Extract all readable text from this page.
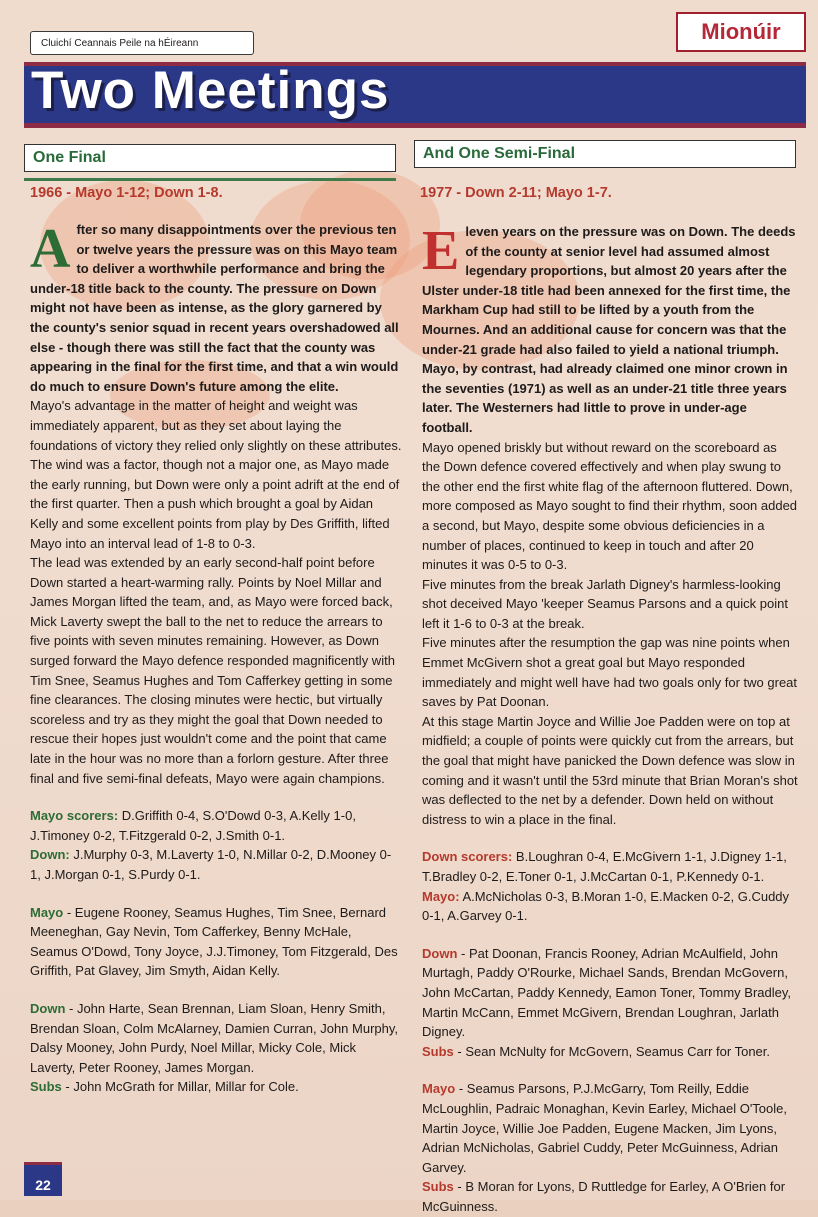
Cluichí Ceannais Peile na hÉireann	Mionúir
Two Meetings
One Final	And One Semi-Final
1966 - Mayo 1-12; Down 1-8.	1977 - Down 2-11; Mayo 1-7.

After so many disappointments over the previous ten or twelve years the pressure was on this Mayo team to deliver a worthwhile performance and bring the under-18 title back to the county. The pressure on Down might not have been as intense, as the glory garnered by the county's senior squad in recent years overshadowed all else - though there was still the fact that the county was appearing in the final for the first time, and that a win would do much to ensure Down's future among the elite.

Mayo's advantage in the matter of height and weight was immediately apparent, but as they set about laying the foundations of victory they relied only slightly on these attributes. The wind was a factor, though not a major one, as Mayo made the early running, but Down were only a point adrift at the end of the first quarter. Then a push which brought a goal by Aidan Kelly and some excellent points from play by Des Griffith, lifted Mayo into an interval lead of 1-8 to 0-3.

The lead was extended by an early second-half point before Down started a heart-warming rally. Points by Noel Millar and James Morgan lifted the team, and, as Mayo were forced back, Mick Laverty swept the ball to the net to reduce the arrears to five points with seven minutes remaining. However, as Down surged forward the Mayo defence responded magnificently with Tim Snee, Seamus Hughes and Tom Cafferkey getting in some fine clearances. The closing minutes were hectic, but virtually scoreless and try as they might the goal that Down needed to rescue their hopes just wouldn't come and the point that came late in the hour was no more than a forlorn gesture. After three final and five semi-final defeats, Mayo were again champions.

Mayo scorers: D.Griffith 0-4, S.O'Dowd 0-3, A.Kelly 1-0, J.Timoney 0-2, T.Fitzgerald 0-2, J.Smith 0-1.

Down: J.Murphy 0-3, M.Laverty 1-0, N.Millar 0-2, D.Mooney 0-1, J.Morgan 0-1, S.Purdy 0-1.

Mayo - Eugene Rooney, Seamus Hughes, Tim Snee, Bernard Meeneghan, Gay Nevin, Tom Cafferkey, Benny McHale, Seamus O'Dowd, Tony Joyce, J.J.Timoney, Tom Fitzgerald, Des Griffith, Pat Glavey, Jim Smyth, Aidan Kelly.

Down - John Harte, Sean Brennan, Liam Sloan, Henry Smith, Brendan Sloan, Colm McAlarney, Damien Curran, John Murphy, Dalsy Mooney, John Purdy, Noel Millar, Micky Cole, Mick Laverty, Peter Rooney, James Morgan.

Subs - John McGrath for Millar, Millar for Cole.

Eleven years on the pressure was on Down. The deeds of the county at senior level had assumed almost legendary proportions, but almost 20 years after the Ulster under-18 title had been annexed for the first time, the Markham Cup had still to be lifted by a youth from the Mournes. And an additional cause for concern was that the under-21 grade had also failed to yield a national triumph. Mayo, by contrast, had already claimed one minor crown in the seventies (1971) as well as an under-21 title three years later. The Westerners had little to prove in under-age football.

Mayo opened briskly but without reward on the scoreboard as the Down defence covered effectively and when play swung to the other end the first white flag of the afternoon fluttered. Down, more composed as Mayo sought to find their rhythm, soon added a second, but Mayo, despite some obvious deficiencies in a number of places, continued to keep in touch and after 20 minutes it was 0-5 to 0-3.

Five minutes from the break Jarlath Digney's harmless-looking shot deceived Mayo 'keeper Seamus Parsons and a quick point left it 1-6 to 0-3 at the break.

Five minutes after the resumption the gap was nine points when Emmet McGivern shot a great goal but Mayo responded immediately and might well have had two goals only for two great saves by Pat Doonan.

At this stage Martin Joyce and Willie Joe Padden were on top at midfield; a couple of points were quickly cut from the arrears, but the goal that might have panicked the Down defence was slow in coming and it wasn't until the 53rd minute that Brian Moran's shot was deflected to the net by a defender. Down held on without distress to win a place in the final.

Down scorers: B.Loughran 0-4, E.McGivern 1-1, J.Digney 1-1, T.Bradley 0-2, E.Toner 0-1, J.McCartan 0-1, P.Kennedy 0-1.

Mayo: A.McNicholas 0-3, B.Moran 1-0, E.Macken 0-2, G.Cuddy 0-1, A.Garvey 0-1.

Down - Pat Doonan, Francis Rooney, Adrian McAulfield, John Murtagh, Paddy O'Rourke, Michael Sands, Brendan McGovern, John McCartan, Paddy Kennedy, Eamon Toner, Tommy Bradley, Martin McCann, Emmet McGivern, Brendan Loughran, Jarlath Digney.

Subs - Sean McNulty for McGovern, Seamus Carr for Toner.

Mayo - Seamus Parsons, P.J.McGarry, Tom Reilly, Eddie McLoughlin, Padraic Monaghan, Kevin Earley, Michael O'Toole, Martin Joyce, Willie Joe Padden, Eugene Macken, Jim Lyons, Adrian McNicholas, Gabriel Cuddy, Peter McGuinness, Adrian Garvey.

Subs - B Moran for Lyons, D Ruttledge for Earley, A O'Brien for McGuinness.

22
